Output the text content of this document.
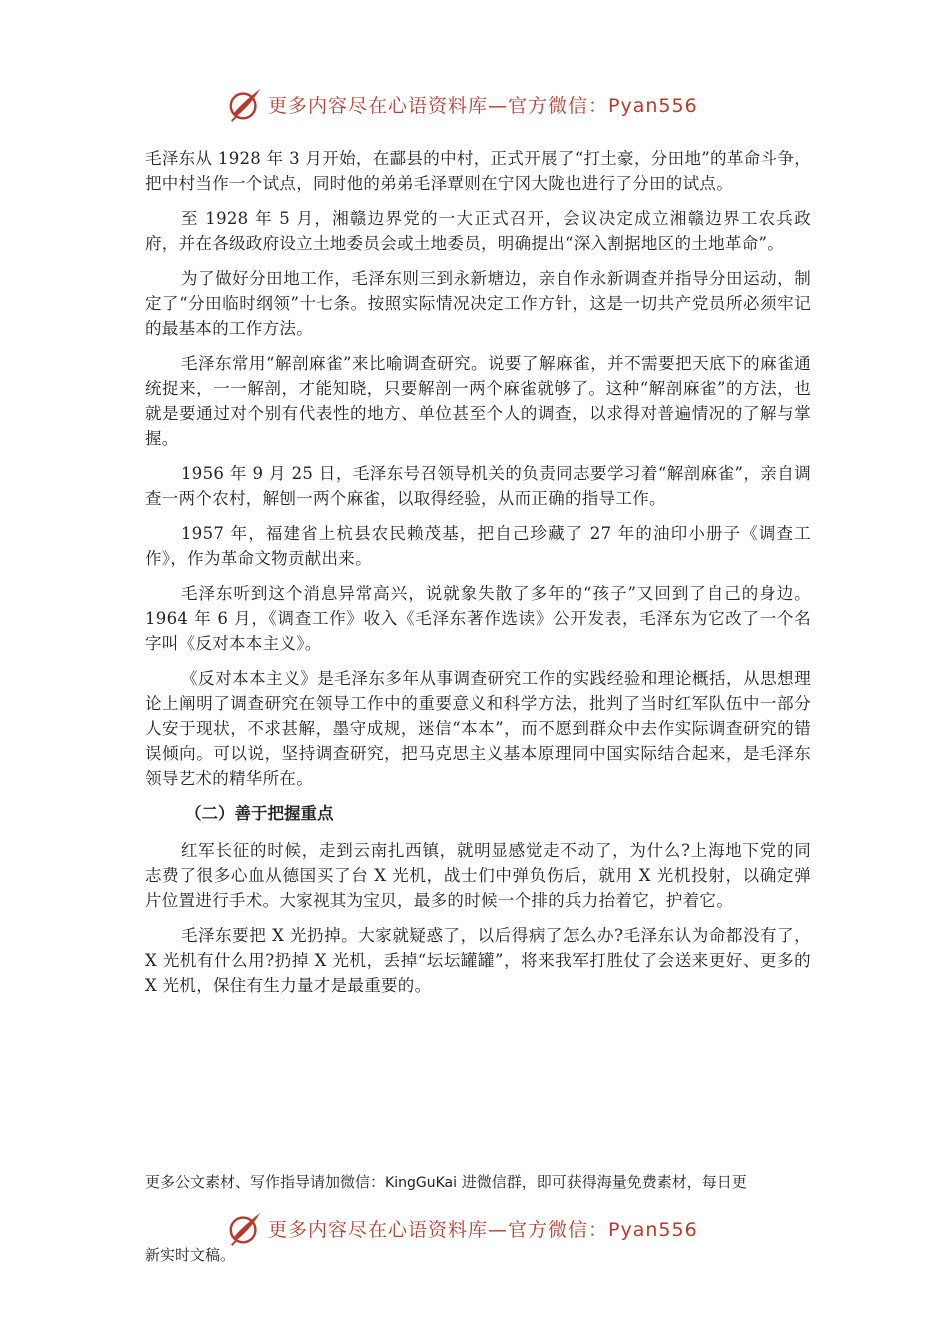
更多内容尽在心语资料库—官方微信：Pyan556

毛泽东从 1928 年 3 月开始，在酃县的中村，正式开展了“打土豪，分田地”的革命斗争，把中村当作一个试点，同时他的弟弟毛泽覃则在宁冈大陇也进行了分田的试点。

至 1928 年 5 月，湘赣边界党的一大正式召开，会议决定成立湘赣边界工农兵政府，并在各级政府设立土地委员会或土地委员，明确提出“深入割据地区的土地革命”。

为了做好分田地工作，毛泽东则三到永新塘边，亲自作永新调查并指导分田运动，制定了“分田临时纲领”十七条。按照实际情况决定工作方针，这是一切共产党员所必须牢记的最基本的工作方法。

毛泽东常用“解剖麻雀”来比喻调查研究。说要了解麻雀，并不需要把天底下的麻雀通统捉来，一一解剖，才能知晓，只要解剖一两个麻雀就够了。这种“解剖麻雀”的方法，也就是要通过对个别有代表性的地方、单位甚至个人的调查，以求得对普遍情况的了解与掌握。

1956 年 9 月 25 日，毛泽东号召领导机关的负责同志要学习着“解剖麻雀”，亲自调查一两个农村，解刨一两个麻雀，以取得经验，从而正确的指导工作。

1957 年，福建省上杭县农民赖茂基，把自己珍藏了 27 年的油印小册子《调查工作》，作为革命文物贡献出来。

毛泽东听到这个消息异常高兴，说就象失散了多年的“孩子”又回到了自己的身边。1964 年 6 月，《调查工作》收入《毛泽东著作选读》公开发表，毛泽东为它改了一个名字叫《反对本本主义》。

《反对本本主义》是毛泽东多年从事调查研究工作的实践经验和理论概括，从思想理论上阐明了调查研究在领导工作中的重要意义和科学方法，批判了当时红军队伍中一部分人安于现状，不求甚解，墨守成规，迷信“本本”，而不愿到群众中去作实际调查研究的错误倾向。可以说，坚持调查研究，把马克思主义基本原理同中国实际结合起来，是毛泽东领导艺术的精华所在。

（二）善于把握重点

红军长征的时候，走到云南扎西镇，就明显感觉走不动了，为什么?上海地下党的同志费了很多心血从德国买了台 X 光机，战士们中弹负伤后，就用 X 光机投射，以确定弹片位置进行手术。大家视其为宝贝，最多的时候一个排的兵力抬着它，护着它。

毛泽东要把 X 光扔掉。大家就疑惑了，以后得病了怎么办?毛泽东认为命都没有了，X 光机有什么用?扔掉 X 光机，丢掉“坛坛罐罐”，将来我军打胜仗了会送来更好、更多的 X 光机，保住有生力量才是最重要的。

更多公文素材、写作指导请加微信：KingGuKai 进微信群，即可获得海量免费素材，每日更
更多内容尽在心语资料库—官方微信：Pyan556
新实时文稿。
